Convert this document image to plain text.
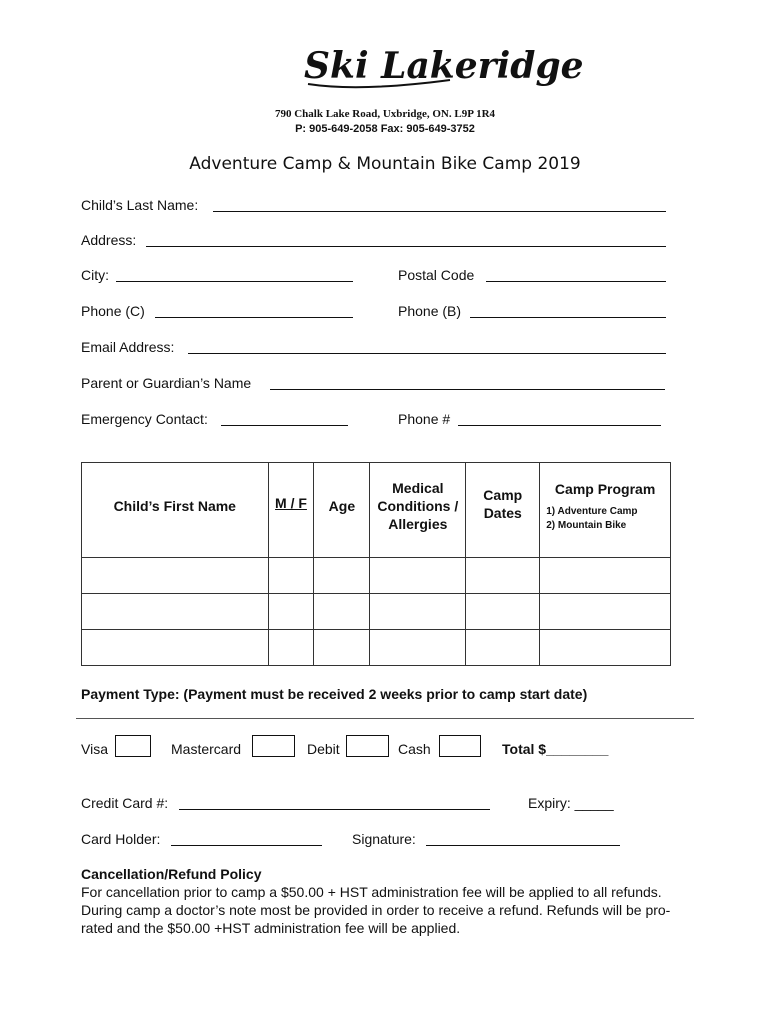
Ski Lakeridge
790 Chalk Lake Road, Uxbridge, ON. L9P 1R4
P: 905-649-2058 Fax: 905-649-3752
Adventure Camp & Mountain Bike Camp 2019
Child’s Last Name:
Address:
City:	Postal Code
Phone (C)	Phone (B)
Email Address:
Parent or Guardian’s Name
Emergency Contact:	Phone #
Child’s First Name	M / F	Age	Medical Conditions / Allergies	Camp Dates	Camp Program
1) Adventure Camp
2) Mountain Bike

Payment Type: (Payment must be received 2 weeks prior to camp start date)
Visa	Mastercard	Debit	Cash	Total $________
Credit Card #:	Expiry: _____
Card Holder:	Signature:
Cancellation/Refund Policy
For cancellation prior to camp a $50.00 + HST administration fee will be applied to all refunds. During camp a doctor’s note most be provided in order to receive a refund. Refunds will be pro-rated and the $50.00 +HST administration fee will be applied.
